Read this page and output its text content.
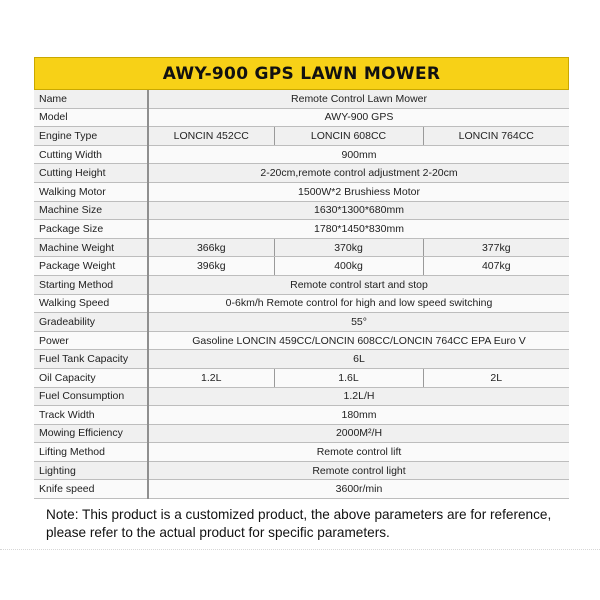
AWY-900 GPS LAWN MOWER
Name	Remote Control Lawn Mower		
Model	AWY-900 GPS		
Engine Type	LONCIN 452CC	LONCIN 608CC	LONCIN 764CC
Cutting Width	900mm		
Cutting Height	2-20cm,remote control adjustment 2-20cm		
Walking Motor	1500W*2 Brushiess Motor		
Machine Size	1630*1300*680mm		
Package Size	1780*1450*830mm		
Machine Weight	366kg	370kg	377kg
Package Weight	396kg	400kg	407kg
Starting Method	Remote control start and stop		
Walking Speed	0-6km/h Remote control for high and low speed switching		
Gradeability	55°		
Power	Gasoline LONCIN 459CC/LONCIN 608CC/LONCIN 764CC EPA Euro V		
Fuel Tank Capacity	6L		
Oil Capacity	1.2L	1.6L	2L
Fuel Consumption	1.2L/H		
Track Width	180mm		
Mowing Efficiency	2000M²/H		
Lifting Method	Remote control lift		
Lighting	Remote control light		
Knife speed	3600r/min		
Note: This product is a customized product, the above parameters are for reference, please refer to the actual product for specific parameters.
